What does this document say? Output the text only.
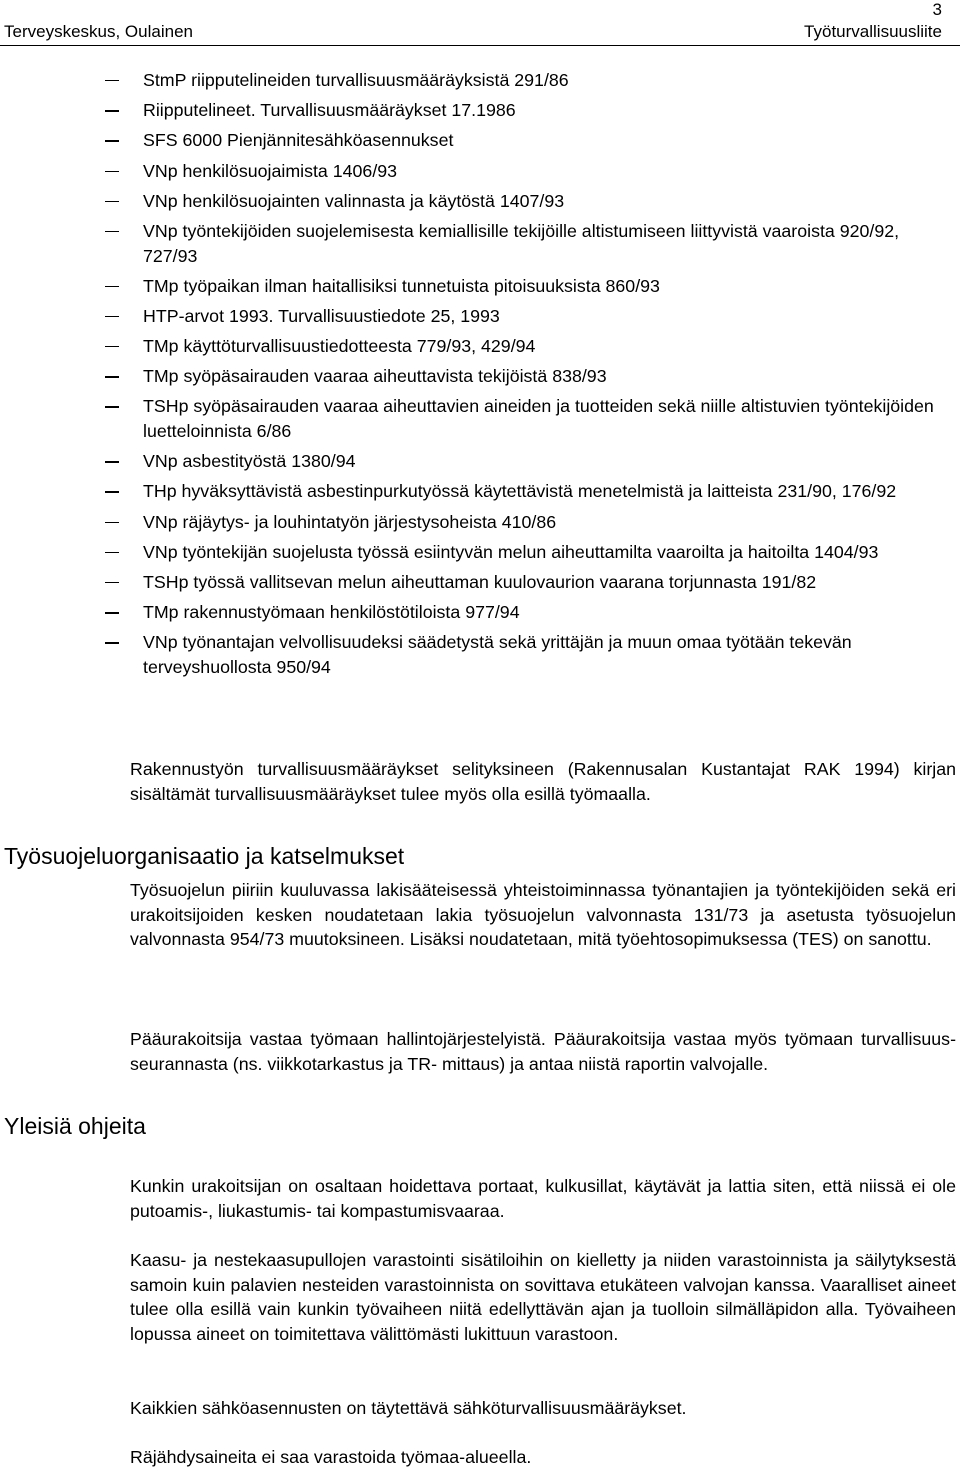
3
Terveyskeskus, Oulainen	Työturvallisuusliite
StmP riipputelineiden turvallisuusmääräyksistä 291/86
Riipputelineet. Turvallisuusmääräykset 17.1986
SFS 6000 Pienjännitesähköasennukset
VNp henkilösuojaimista 1406/93
VNp henkilösuojainten valinnasta ja käytöstä 1407/93
VNp työntekijöiden suojelemisesta kemiallisille tekijöille altistumiseen liittyvistä vaaroista 920/92, 727/93
TMp työpaikan ilman haitallisiksi tunnetuista pitoisuuksista 860/93
HTP-arvot 1993. Turvallisuustiedote 25, 1993
TMp käyttöturvallisuustiedotteesta 779/93, 429/94
TMp syöpäsairauden vaaraa aiheuttavista tekijöistä 838/93
TSHp syöpäsairauden vaaraa aiheuttavien aineiden ja tuotteiden sekä niille altistuvien työntekijöiden luetteloinnista 6/86
VNp asbestityöstä 1380/94
THp hyväksyttävistä asbestinpurkutyössä käytettävistä menetelmistä ja laitteista 231/90, 176/92
VNp räjäytys- ja louhintatyön järjestysoheista 410/86
VNp työntekijän suojelusta työssä esiintyvän melun aiheuttamilta vaaroilta ja haitoilta 1404/93
TSHp työssä vallitsevan melun aiheuttaman kuulovaurion vaarana torjunnasta 191/82
TMp rakennustyömaan henkilöstötiloista 977/94
VNp työnantajan velvollisuudeksi säädetystä sekä yrittäjän ja muun omaa työtään tekevän terveyshuollosta 950/94
Rakennustyön turvallisuusmääräykset selityksineen (Rakennusalan Kustantajat RAK 1994) kirjan sisältämät turvallisuusmääräykset tulee myös olla esillä työmaalla.
Työsuojeluorganisaatio ja katselmukset
Työsuojelun piiriin kuuluvassa lakisääteisessä yhteistoiminnassa työnantajien ja työntekijöiden sekä eri urakoitsijoiden kesken noudatetaan lakia työsuojelun valvonnasta 131/73 ja asetusta työsuojelun valvonnasta 954/73 muutoksineen. Lisäksi noudatetaan, mitä työehtosopimuksessa (TES) on sanottu.
Pääurakoitsija vastaa työmaan hallintojärjestelyistä. Pääurakoitsija vastaa myös työmaan turvallisuus-seurannasta (ns. viikkotarkastus ja TR- mittaus) ja antaa niistä raportin valvojalle.
Yleisiä ohjeita
Kunkin urakoitsijan on osaltaan hoidettava portaat, kulkusillat, käytävät ja lattia siten, että niissä ei ole putoamis-, liukastumis- tai kompastumisvaaraa.
Kaasu- ja nestekaasupullojen varastointi sisätiloihin on kielletty ja niiden varastoinnista ja säilytyksestä samoin kuin palavien nesteiden varastoinnista on sovittava etukäteen valvojan kanssa. Vaaralliset aineet tulee olla esillä vain kunkin työvaiheen niitä edellyttävän ajan ja tuolloin silmälläpidon alla. Työvaiheen lopussa aineet on toimitettava välittömästi lukittuun varastoon.
Kaikkien sähköasennusten on täytettävä sähköturvallisuusmääräykset.
Räjähdysaineita ei saa varastoida työmaa-alueella.
